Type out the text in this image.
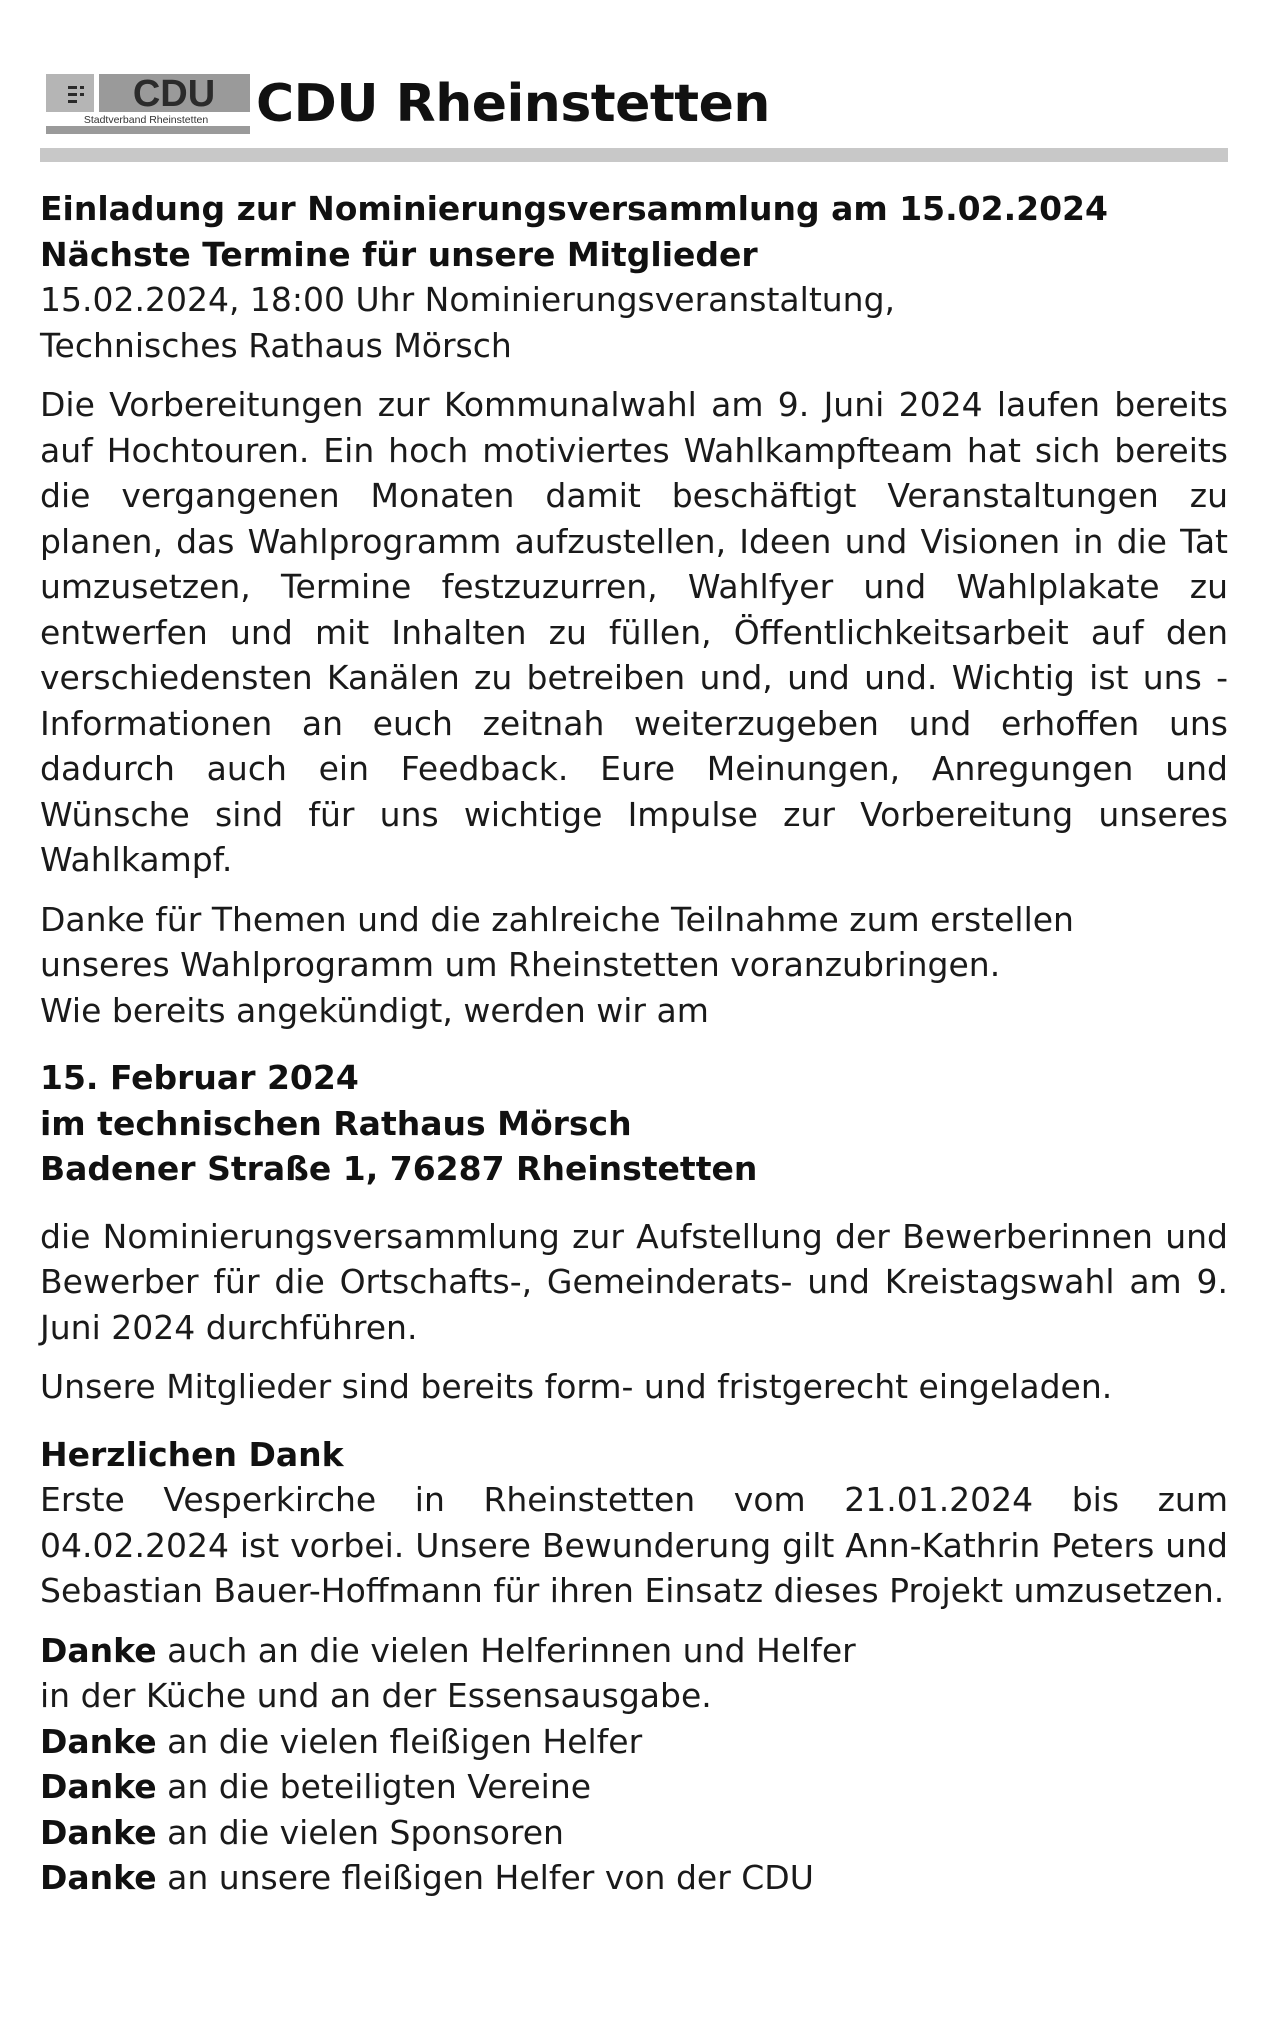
CDU
Stadtverband Rheinstetten CDU Rheinstetten

Einladung zur Nominierungsversammlung am 15.02.2024

Nächste Termine für unsere Mitglieder

15.02.2024, 18:00 Uhr Nominierungsveranstaltung,

Technisches Rathaus Mörsch

Die Vorbereitungen zur Kommunalwahl am 9. Juni 2024 laufen bereits auf Hochtouren. Ein hoch motiviertes Wahlkampfteam hat sich bereits die vergangenen Monaten damit beschäftigt Veranstaltungen zu planen, das Wahlprogramm aufzustellen, Ideen und Visionen in die Tat umzusetzen, Termine festzuzurren, Wahlfyer und Wahlplakate zu entwerfen und mit Inhalten zu füllen, Öffentlichkeitsarbeit auf den verschiedensten Kanälen zu betreiben und, und und. Wichtig ist uns - Informationen an euch zeitnah weiterzugeben und erhoffen uns dadurch auch ein Feedback. Eure Meinungen, Anregungen und Wünsche sind für uns wichtige Impulse zur Vorbereitung unseres Wahlkampf.

Danke für Themen und die zahlreiche Teilnahme zum erstellen

unseres Wahlprogramm um Rheinstetten voranzubringen.

Wie bereits angekündigt, werden wir am

15. Februar 2024

im technischen Rathaus Mörsch

Badener Straße 1, 76287 Rheinstetten

die Nominierungsversammlung zur Aufstellung der Bewerberinnen und Bewerber für die Ortschafts-, Gemeinderats- und Kreistagswahl am 9. Juni 2024 durchführen.

Unsere Mitglieder sind bereits form- und fristgerecht eingeladen.

Herzlichen Dank

Erste Vesperkirche in Rheinstetten vom 21.01.2024 bis zum 04.02.2024 ist vorbei. Unsere Bewunderung gilt Ann-Kathrin Peters und Sebastian Bauer-Hoffmann für ihren Einsatz dieses Projekt umzusetzen.

Danke auch an die vielen Helferinnen und Helfer

in der Küche und an der Essensausgabe.

Danke an die vielen fleißigen Helfer

Danke an die beteiligten Vereine

Danke an die vielen Sponsoren

Danke an unsere fleißigen Helfer von der CDU
